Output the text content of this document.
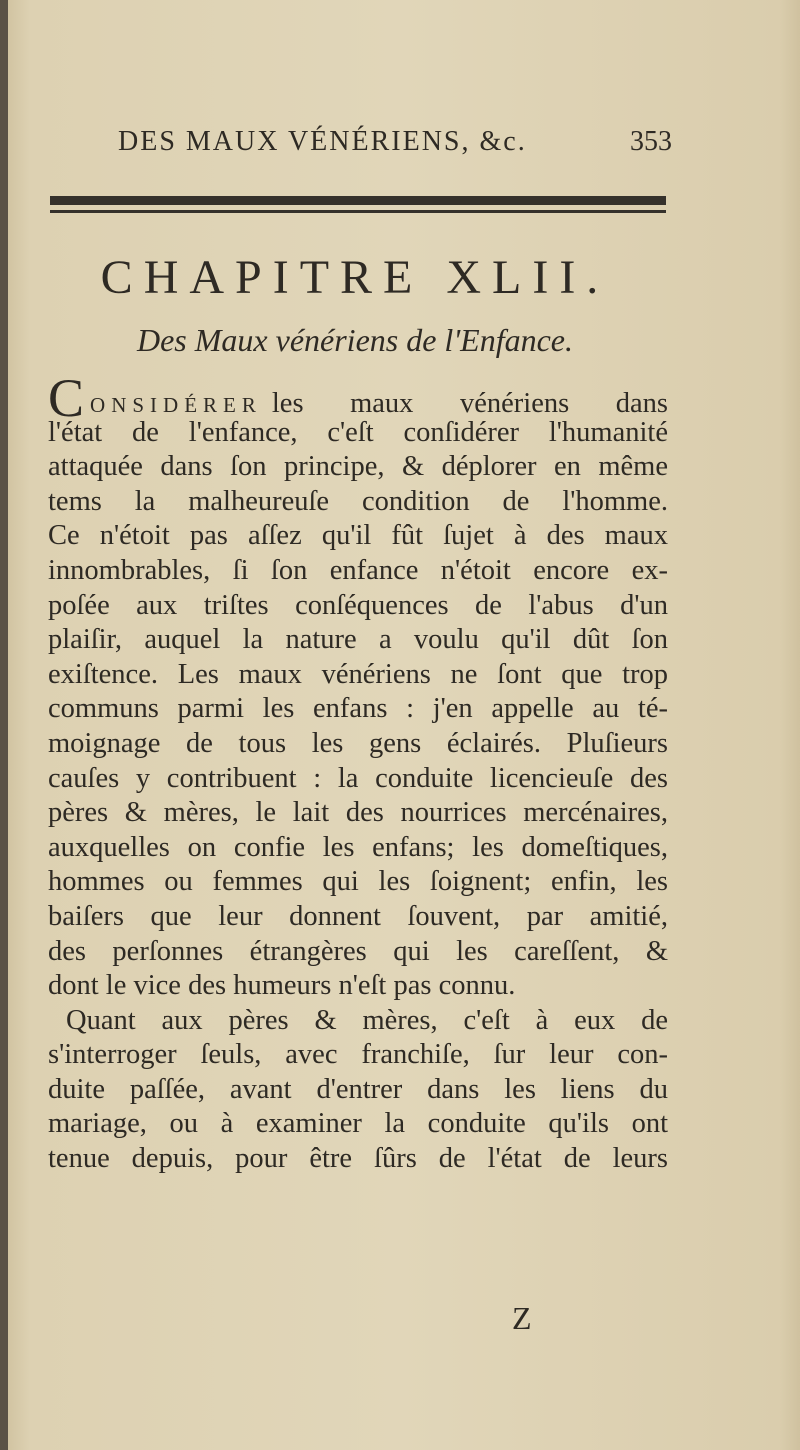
DES MAUX VÉNÉRIENS, &c.	353
CHAPITRE XLII.
Des Maux vénériens de l'Enfance.
CONSIDÉRER les maux vénériens dans
l'état de l'enfance, c'eſt conſidérer l'humanité
attaquée dans ſon principe, & déplorer en même
tems la malheureuſe condition de l'homme.
Ce n'étoit pas aſſez qu'il fût ſujet à des maux
innombrables, ſi ſon enfance n'étoit encore ex-
poſée aux triſtes conſéquences de l'abus d'un
plaiſir, auquel la nature a voulu qu'il dût ſon
exiſtence. Les maux vénériens ne ſont que trop
communs parmi les enfans : j'en appelle au té-
moignage de tous les gens éclairés. Pluſieurs
cauſes y contribuent : la conduite licencieuſe des
pères & mères, le lait des nourrices mercénaires,
auxquelles on confie les enfans; les domeſtiques,
hommes ou femmes qui les ſoignent; enfin, les
baiſers que leur donnent ſouvent, par amitié,
des perſonnes étrangères qui les careſſent, &
dont le vice des humeurs n'eſt pas connu.
Quant aux pères & mères, c'eſt à eux de
s'interroger ſeuls, avec franchiſe, ſur leur con-
duite paſſée, avant d'entrer dans les liens du
mariage, ou à examiner la conduite qu'ils ont
tenue depuis, pour être ſûrs de l'état de leurs
Z
